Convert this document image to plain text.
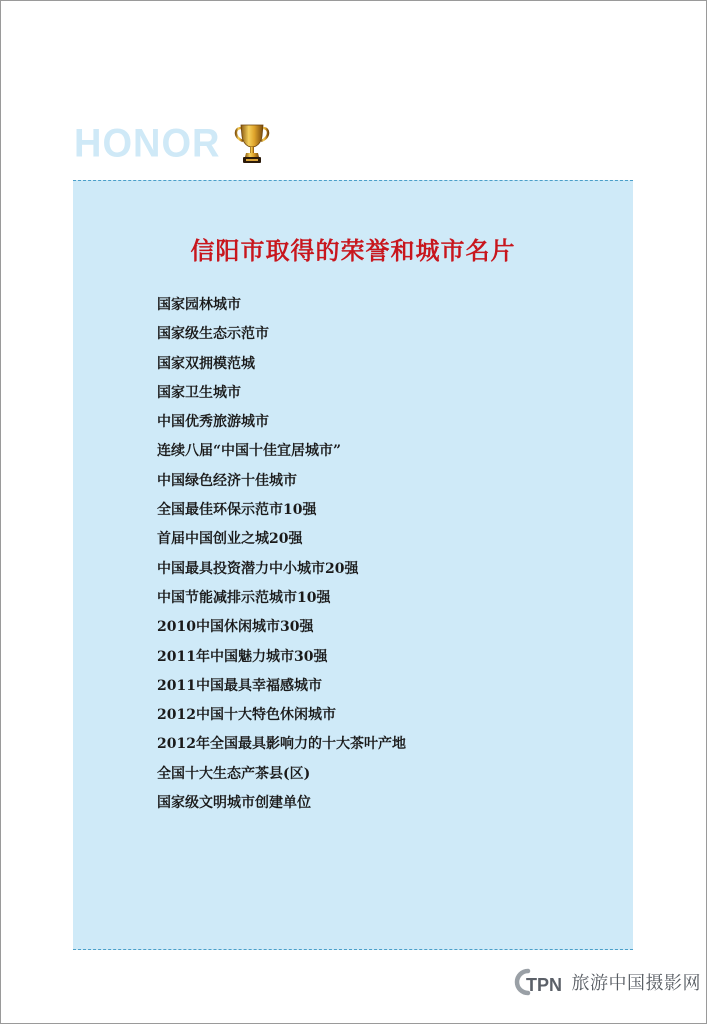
HONOR
信阳市取得的荣誉和城市名片
国家园林城市
国家级生态示范市
国家双拥模范城
国家卫生城市
中国优秀旅游城市
连续八届“中国十佳宜居城市”
中国绿色经济十佳城市
全国最佳环保示范市10强
首届中国创业之城20强
中国最具投资潜力中小城市20强
中国节能减排示范城市10强
2010中国休闲城市30强
2011年中国魅力城市30强
2011中国最具幸福感城市
2012中国十大特色休闲城市
2012年全国最具影响力的十大茶叶产地
全国十大生态产茶县(区)
国家级文明城市创建单位
TPN 旅游中国摄影网
